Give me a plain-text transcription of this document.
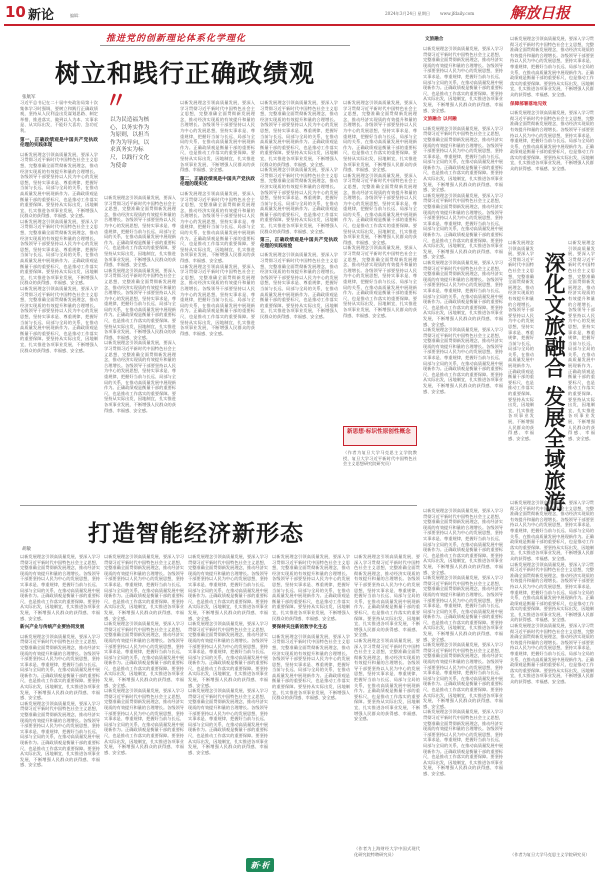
10 新论	编辑：	2024年3月24日 星期日 www.jfdaily.com 解放日报
推进党的创新理论体系化学理化
树立和践行正确政绩观
张航军	〃
以为民造福为核心，以务实作为为原则，以担当作为为导向，以求真务实为标尺，以践行文化为使命
习近平总书记在二十届中央政治局第十次集体学习时强调，要树立和践行正确政绩观，坚持从人民利益出发谋划思路、制定举措、推进落实，做到以人为本、实事求是、从实际出发，不能好大喜功、急功近利。
第一，正确政绩观是中国共产党执政伦理的实践体现
以新发展理念引领高质量发展，要深入学习贯彻习近平新时代中国特色社会主义思想，完整准确全面贯彻新发展理念，推动经济实现质的有效提升和量的合理增长。各级领导干部要坚持以人民为中心的发展思想，坚持实事求是、尊重规律，把握好当前与长远、局部与全局的关系，在推动高质量发展中展现新作为。正确政绩观是衡量干部的重要标尺，也是推动工作落实的重要保障。要坚持从实际出发，因地制宜，扎实推进各项事业发展，不断增强人民群众的获得感、幸福感、安全感。
以新发展理念引领高质量发展，要深入学习贯彻习近平新时代中国特色社会主义思想，完整准确全面贯彻新发展理念，推动经济实现质的有效提升和量的合理增长。各级领导干部要坚持以人民为中心的发展思想，坚持实事求是、尊重规律，把握好当前与长远、局部与全局的关系，在推动高质量发展中展现新作为。正确政绩观是衡量干部的重要标尺，也是推动工作落实的重要保障。要坚持从实际出发，因地制宜，扎实推进各项事业发展，不断增强人民群众的获得感、幸福感、安全感。
以新发展理念引领高质量发展，要深入学习贯彻习近平新时代中国特色社会主义思想，完整准确全面贯彻新发展理念，推动经济实现质的有效提升和量的合理增长。各级领导干部要坚持以人民为中心的发展思想，坚持实事求是、尊重规律，把握好当前与长远、局部与全局的关系，在推动高质量发展中展现新作为。正确政绩观是衡量干部的重要标尺，也是推动工作落实的重要保障。要坚持从实际出发，因地制宜，扎实推进各项事业发展，不断增强人民群众的获得感、幸福感、安全感。
以新发展理念引领高质量发展，要深入学习贯彻习近平新时代中国特色社会主义思想，完整准确全面贯彻新发展理念，推动经济实现质的有效提升和量的合理增长。各级领导干部要坚持以人民为中心的发展思想，坚持实事求是、尊重规律，把握好当前与长远、局部与全局的关系，在推动高质量发展中展现新作为。正确政绩观是衡量干部的重要标尺，也是推动工作落实的重要保障。要坚持从实际出发，因地制宜，扎实推进各项事业发展，不断增强人民群众的获得感、幸福感、安全感。
以新发展理念引领高质量发展，要深入学习贯彻习近平新时代中国特色社会主义思想，完整准确全面贯彻新发展理念，推动经济实现质的有效提升和量的合理增长。各级领导干部要坚持以人民为中心的发展思想，坚持实事求是、尊重规律，把握好当前与长远、局部与全局的关系，在推动高质量发展中展现新作为。正确政绩观是衡量干部的重要标尺，也是推动工作落实的重要保障。要坚持从实际出发，因地制宜，扎实推进各项事业发展，不断增强人民群众的获得感、幸福感、安全感。
以新发展理念引领高质量发展，要深入学习贯彻习近平新时代中国特色社会主义思想，完整准确全面贯彻新发展理念，推动经济实现质的有效提升和量的合理增长。各级领导干部要坚持以人民为中心的发展思想，坚持实事求是、尊重规律，把握好当前与长远、局部与全局的关系，在推动高质量发展中展现新作为。正确政绩观是衡量干部的重要标尺，也是推动工作落实的重要保障。要坚持从实际出发，因地制宜，扎实推进各项事业发展，不断增强人民群众的获得感、幸福感、安全感。
以新发展理念引领高质量发展，要深入学习贯彻习近平新时代中国特色社会主义思想，完整准确全面贯彻新发展理念，推动经济实现质的有效提升和量的合理增长。各级领导干部要坚持以人民为中心的发展思想，坚持实事求是、尊重规律，把握好当前与长远、局部与全局的关系，在推动高质量发展中展现新作为。正确政绩观是衡量干部的重要标尺，也是推动工作落实的重要保障。要坚持从实际出发，因地制宜，扎实推进各项事业发展，不断增强人民群众的获得感、幸福感、安全感。
第二，正确政绩观是中国共产党执政伦理的现实化
以新发展理念引领高质量发展，要深入学习贯彻习近平新时代中国特色社会主义思想，完整准确全面贯彻新发展理念，推动经济实现质的有效提升和量的合理增长。各级领导干部要坚持以人民为中心的发展思想，坚持实事求是、尊重规律，把握好当前与长远、局部与全局的关系，在推动高质量发展中展现新作为。正确政绩观是衡量干部的重要标尺，也是推动工作落实的重要保障。要坚持从实际出发，因地制宜，扎实推进各项事业发展，不断增强人民群众的获得感、幸福感、安全感。
以新发展理念引领高质量发展，要深入学习贯彻习近平新时代中国特色社会主义思想，完整准确全面贯彻新发展理念，推动经济实现质的有效提升和量的合理增长。各级领导干部要坚持以人民为中心的发展思想，坚持实事求是、尊重规律，把握好当前与长远、局部与全局的关系，在推动高质量发展中展现新作为。正确政绩观是衡量干部的重要标尺，也是推动工作落实的重要保障。要坚持从实际出发，因地制宜，扎实推进各项事业发展，不断增强人民群众的获得感、幸福感、安全感。
以新发展理念引领高质量发展，要深入学习贯彻习近平新时代中国特色社会主义思想，完整准确全面贯彻新发展理念，推动经济实现质的有效提升和量的合理增长。各级领导干部要坚持以人民为中心的发展思想，坚持实事求是、尊重规律，把握好当前与长远、局部与全局的关系，在推动高质量发展中展现新作为。正确政绩观是衡量干部的重要标尺，也是推动工作落实的重要保障。要坚持从实际出发，因地制宜，扎实推进各项事业发展，不断增强人民群众的获得感、幸福感、安全感。
以新发展理念引领高质量发展，要深入学习贯彻习近平新时代中国特色社会主义思想，完整准确全面贯彻新发展理念，推动经济实现质的有效提升和量的合理增长。各级领导干部要坚持以人民为中心的发展思想，坚持实事求是、尊重规律，把握好当前与长远、局部与全局的关系，在推动高质量发展中展现新作为。正确政绩观是衡量干部的重要标尺，也是推动工作落实的重要保障。要坚持从实际出发，因地制宜，扎实推进各项事业发展，不断增强人民群众的获得感、幸福感、安全感。
第三，正确政绩观是中国共产党执政伦理的实践检验
以新发展理念引领高质量发展，要深入学习贯彻习近平新时代中国特色社会主义思想，完整准确全面贯彻新发展理念，推动经济实现质的有效提升和量的合理增长。各级领导干部要坚持以人民为中心的发展思想，坚持实事求是、尊重规律，把握好当前与长远、局部与全局的关系，在推动高质量发展中展现新作为。正确政绩观是衡量干部的重要标尺，也是推动工作落实的重要保障。要坚持从实际出发，因地制宜，扎实推进各项事业发展，不断增强人民群众的获得感、幸福感、安全感。
以新发展理念引领高质量发展，要深入学习贯彻习近平新时代中国特色社会主义思想，完整准确全面贯彻新发展理念，推动经济实现质的有效提升和量的合理增长。各级领导干部要坚持以人民为中心的发展思想，坚持实事求是、尊重规律，把握好当前与长远、局部与全局的关系，在推动高质量发展中展现新作为。正确政绩观是衡量干部的重要标尺，也是推动工作落实的重要保障。要坚持从实际出发，因地制宜，扎实推进各项事业发展，不断增强人民群众的获得感、幸福感、安全感。
以新发展理念引领高质量发展，要深入学习贯彻习近平新时代中国特色社会主义思想，完整准确全面贯彻新发展理念，推动经济实现质的有效提升和量的合理增长。各级领导干部要坚持以人民为中心的发展思想，坚持实事求是、尊重规律，把握好当前与长远、局部与全局的关系，在推动高质量发展中展现新作为。正确政绩观是衡量干部的重要标尺，也是推动工作落实的重要保障。要坚持从实际出发，因地制宜，扎实推进各项事业发展，不断增强人民群众的获得感、幸福感、安全感。
以新发展理念引领高质量发展，要深入学习贯彻习近平新时代中国特色社会主义思想，完整准确全面贯彻新发展理念，推动经济实现质的有效提升和量的合理增长。各级领导干部要坚持以人民为中心的发展思想，坚持实事求是、尊重规律，把握好当前与长远、局部与全局的关系，在推动高质量发展中展现新作为。正确政绩观是衡量干部的重要标尺，也是推动工作落实的重要保障。要坚持从实际出发，因地制宜，扎实推进各项事业发展，不断增强人民群众的获得感、幸福感、安全感。
新思想·标识性原创性概念
（作者为复旦大学马克思主义学院教授，复旦大学习近平新时代中国特色社会主义思想研究院研究员）
文旅融合
以新发展理念引领高质量发展，要深入学习贯彻习近平新时代中国特色社会主义思想，完整准确全面贯彻新发展理念，推动经济实现质的有效提升和量的合理增长。各级领导干部要坚持以人民为中心的发展思想，坚持实事求是、尊重规律，把握好当前与长远、局部与全局的关系，在推动高质量发展中展现新作为。正确政绩观是衡量干部的重要标尺，也是推动工作落实的重要保障。要坚持从实际出发，因地制宜，扎实推进各项事业发展，不断增强人民群众的获得感、幸福感、安全感。
文旅融合 以何融
以新发展理念引领高质量发展，要深入学习贯彻习近平新时代中国特色社会主义思想，完整准确全面贯彻新发展理念，推动经济实现质的有效提升和量的合理增长。各级领导干部要坚持以人民为中心的发展思想，坚持实事求是、尊重规律，把握好当前与长远、局部与全局的关系，在推动高质量发展中展现新作为。正确政绩观是衡量干部的重要标尺，也是推动工作落实的重要保障。要坚持从实际出发，因地制宜，扎实推进各项事业发展，不断增强人民群众的获得感、幸福感、安全感。
以新发展理念引领高质量发展，要深入学习贯彻习近平新时代中国特色社会主义思想，完整准确全面贯彻新发展理念，推动经济实现质的有效提升和量的合理增长。各级领导干部要坚持以人民为中心的发展思想，坚持实事求是、尊重规律，把握好当前与长远、局部与全局的关系，在推动高质量发展中展现新作为。正确政绩观是衡量干部的重要标尺，也是推动工作落实的重要保障。要坚持从实际出发，因地制宜，扎实推进各项事业发展，不断增强人民群众的获得感、幸福感、安全感。
以新发展理念引领高质量发展，要深入学习贯彻习近平新时代中国特色社会主义思想，完整准确全面贯彻新发展理念，推动经济实现质的有效提升和量的合理增长。各级领导干部要坚持以人民为中心的发展思想，坚持实事求是、尊重规律，把握好当前与长远、局部与全局的关系，在推动高质量发展中展现新作为。正确政绩观是衡量干部的重要标尺，也是推动工作落实的重要保障。要坚持从实际出发，因地制宜，扎实推进各项事业发展，不断增强人民群众的获得感、幸福感、安全感。
以新发展理念引领高质量发展，要深入学习贯彻习近平新时代中国特色社会主义思想，完整准确全面贯彻新发展理念，推动经济实现质的有效提升和量的合理增长。各级领导干部要坚持以人民为中心的发展思想，坚持实事求是、尊重规律，把握好当前与长远、局部与全局的关系，在推动高质量发展中展现新作为。正确政绩观是衡量干部的重要标尺，也是推动工作落实的重要保障。要坚持从实际出发，因地制宜，扎实推进各项事业发展，不断增强人民群众的获得感、幸福感、安全感。
以新发展理念引领高质量发展，要深入学习贯彻习近平新时代中国特色社会主义思想，完整准确全面贯彻新发展理念，推动经济实现质的有效提升和量的合理增长。各级领导干部要坚持以人民为中心的发展思想，坚持实事求是、尊重规律，把握好当前与长远、局部与全局的关系，在推动高质量发展中展现新作为。正确政绩观是衡量干部的重要标尺，也是推动工作落实的重要保障。要坚持从实际出发，因地制宜，扎实推进各项事业发展，不断增强人民群众的获得感、幸福感、安全感。
保障部署落地见效
以新发展理念引领高质量发展，要深入学习贯彻习近平新时代中国特色社会主义思想，完整准确全面贯彻新发展理念，推动经济实现质的有效提升和量的合理增长。各级领导干部要坚持以人民为中心的发展思想，坚持实事求是、尊重规律，把握好当前与长远、局部与全局的关系，在推动高质量发展中展现新作为。正确政绩观是衡量干部的重要标尺，也是推动工作落实的重要保障。要坚持从实际出发，因地制宜，扎实推进各项事业发展，不断增强人民群众的获得感、幸福感、安全感。
深化文旅融合 发展全域旅游
以新发展理念引领高质量发展，要深入学习贯彻习近平新时代中国特色社会主义思想，完整准确全面贯彻新发展理念，推动经济实现质的有效提升和量的合理增长。各级领导干部要坚持以人民为中心的发展思想，坚持实事求是、尊重规律，把握好当前与长远、局部与全局的关系，在推动高质量发展中展现新作为。正确政绩观是衡量干部的重要标尺，也是推动工作落实的重要保障。要坚持从实际出发，因地制宜，扎实推进各项事业发展，不断增强人民群众的获得感、幸福感、安全感。
以新发展理念引领高质量发展，要深入学习贯彻习近平新时代中国特色社会主义思想，完整准确全面贯彻新发展理念，推动经济实现质的有效提升和量的合理增长。各级领导干部要坚持以人民为中心的发展思想，坚持实事求是、尊重规律，把握好当前与长远、局部与全局的关系，在推动高质量发展中展现新作为。正确政绩观是衡量干部的重要标尺，也是推动工作落实的重要保障。要坚持从实际出发，因地制宜，扎实推进各项事业发展，不断增强人民群众的获得感、幸福感、安全感。
打造智能经济新形态
胡敏
以新发展理念引领高质量发展，要深入学习贯彻习近平新时代中国特色社会主义思想，完整准确全面贯彻新发展理念，推动经济实现质的有效提升和量的合理增长。各级领导干部要坚持以人民为中心的发展思想，坚持实事求是、尊重规律，把握好当前与长远、局部与全局的关系，在推动高质量发展中展现新作为。正确政绩观是衡量干部的重要标尺，也是推动工作落实的重要保障。要坚持从实际出发，因地制宜，扎实推进各项事业发展，不断增强人民群众的获得感、幸福感、安全感。
新兴产业与传统产业要协同发展
以新发展理念引领高质量发展，要深入学习贯彻习近平新时代中国特色社会主义思想，完整准确全面贯彻新发展理念，推动经济实现质的有效提升和量的合理增长。各级领导干部要坚持以人民为中心的发展思想，坚持实事求是、尊重规律，把握好当前与长远、局部与全局的关系，在推动高质量发展中展现新作为。正确政绩观是衡量干部的重要标尺，也是推动工作落实的重要保障。要坚持从实际出发，因地制宜，扎实推进各项事业发展，不断增强人民群众的获得感、幸福感、安全感。
以新发展理念引领高质量发展，要深入学习贯彻习近平新时代中国特色社会主义思想，完整准确全面贯彻新发展理念，推动经济实现质的有效提升和量的合理增长。各级领导干部要坚持以人民为中心的发展思想，坚持实事求是、尊重规律，把握好当前与长远、局部与全局的关系，在推动高质量发展中展现新作为。正确政绩观是衡量干部的重要标尺，也是推动工作落实的重要保障。要坚持从实际出发，因地制宜，扎实推进各项事业发展，不断增强人民群众的获得感、幸福感、安全感。
以新发展理念引领高质量发展，要深入学习贯彻习近平新时代中国特色社会主义思想，完整准确全面贯彻新发展理念，推动经济实现质的有效提升和量的合理增长。各级领导干部要坚持以人民为中心的发展思想，坚持实事求是、尊重规律，把握好当前与长远、局部与全局的关系，在推动高质量发展中展现新作为。正确政绩观是衡量干部的重要标尺，也是推动工作落实的重要保障。要坚持从实际出发，因地制宜，扎实推进各项事业发展，不断增强人民群众的获得感、幸福感、安全感。
以新发展理念引领高质量发展，要深入学习贯彻习近平新时代中国特色社会主义思想，完整准确全面贯彻新发展理念，推动经济实现质的有效提升和量的合理增长。各级领导干部要坚持以人民为中心的发展思想，坚持实事求是、尊重规律，把握好当前与长远、局部与全局的关系，在推动高质量发展中展现新作为。正确政绩观是衡量干部的重要标尺，也是推动工作落实的重要保障。要坚持从实际出发，因地制宜，扎实推进各项事业发展，不断增强人民群众的获得感、幸福感、安全感。
以新发展理念引领高质量发展，要深入学习贯彻习近平新时代中国特色社会主义思想，完整准确全面贯彻新发展理念，推动经济实现质的有效提升和量的合理增长。各级领导干部要坚持以人民为中心的发展思想，坚持实事求是、尊重规律，把握好当前与长远、局部与全局的关系，在推动高质量发展中展现新作为。正确政绩观是衡量干部的重要标尺，也是推动工作落实的重要保障。要坚持从实际出发，因地制宜，扎实推进各项事业发展，不断增强人民群众的获得感、幸福感、安全感。
以新发展理念引领高质量发展，要深入学习贯彻习近平新时代中国特色社会主义思想，完整准确全面贯彻新发展理念，推动经济实现质的有效提升和量的合理增长。各级领导干部要坚持以人民为中心的发展思想，坚持实事求是、尊重规律，把握好当前与长远、局部与全局的关系，在推动高质量发展中展现新作为。正确政绩观是衡量干部的重要标尺，也是推动工作落实的重要保障。要坚持从实际出发，因地制宜，扎实推进各项事业发展，不断增强人民群众的获得感、幸福感、安全感。
以新发展理念引领高质量发展，要深入学习贯彻习近平新时代中国特色社会主义思想，完整准确全面贯彻新发展理念，推动经济实现质的有效提升和量的合理增长。各级领导干部要坚持以人民为中心的发展思想，坚持实事求是、尊重规律，把握好当前与长远、局部与全局的关系，在推动高质量发展中展现新作为。正确政绩观是衡量干部的重要标尺，也是推动工作落实的重要保障。要坚持从实际出发，因地制宜，扎实推进各项事业发展，不断增强人民群众的获得感、幸福感、安全感。
以新发展理念引领高质量发展，要深入学习贯彻习近平新时代中国特色社会主义思想，完整准确全面贯彻新发展理念，推动经济实现质的有效提升和量的合理增长。各级领导干部要坚持以人民为中心的发展思想，坚持实事求是、尊重规律，把握好当前与长远、局部与全局的关系，在推动高质量发展中展现新作为。正确政绩观是衡量干部的重要标尺，也是推动工作落实的重要保障。要坚持从实际出发，因地制宜，扎实推进各项事业发展，不断增强人民群众的获得感、幸福感、安全感。
以新发展理念引领高质量发展，要深入学习贯彻习近平新时代中国特色社会主义思想，完整准确全面贯彻新发展理念，推动经济实现质的有效提升和量的合理增长。各级领导干部要坚持以人民为中心的发展思想，坚持实事求是、尊重规律，把握好当前与长远、局部与全局的关系，在推动高质量发展中展现新作为。正确政绩观是衡量干部的重要标尺，也是推动工作落实的重要保障。要坚持从实际出发，因地制宜，扎实推进各项事业发展，不断增强人民群众的获得感、幸福感、安全感。
要保持关注新的数字化生态
以新发展理念引领高质量发展，要深入学习贯彻习近平新时代中国特色社会主义思想，完整准确全面贯彻新发展理念，推动经济实现质的有效提升和量的合理增长。各级领导干部要坚持以人民为中心的发展思想，坚持实事求是、尊重规律，把握好当前与长远、局部与全局的关系，在推动高质量发展中展现新作为。正确政绩观是衡量干部的重要标尺，也是推动工作落实的重要保障。要坚持从实际出发，因地制宜，扎实推进各项事业发展，不断增强人民群众的获得感、幸福感、安全感。
以新发展理念引领高质量发展，要深入学习贯彻习近平新时代中国特色社会主义思想，完整准确全面贯彻新发展理念，推动经济实现质的有效提升和量的合理增长。各级领导干部要坚持以人民为中心的发展思想，坚持实事求是、尊重规律，把握好当前与长远、局部与全局的关系，在推动高质量发展中展现新作为。正确政绩观是衡量干部的重要标尺，也是推动工作落实的重要保障。要坚持从实际出发，因地制宜，扎实推进各项事业发展，不断增强人民群众的获得感、幸福感、安全感。
以新发展理念引领高质量发展，要深入学习贯彻习近平新时代中国特色社会主义思想，完整准确全面贯彻新发展理念，推动经济实现质的有效提升和量的合理增长。各级领导干部要坚持以人民为中心的发展思想，坚持实事求是、尊重规律，把握好当前与长远、局部与全局的关系，在推动高质量发展中展现新作为。正确政绩观是衡量干部的重要标尺，也是推动工作落实的重要保障。要坚持从实际出发，因地制宜，扎实推进各项事业发展，不断增强人民群众的获得感、幸福感、安全感。
（作者为上海财经大学中国式现代化研究院特聘研究员）
以新发展理念引领高质量发展，要深入学习贯彻习近平新时代中国特色社会主义思想，完整准确全面贯彻新发展理念，推动经济实现质的有效提升和量的合理增长。各级领导干部要坚持以人民为中心的发展思想，坚持实事求是、尊重规律，把握好当前与长远、局部与全局的关系，在推动高质量发展中展现新作为。正确政绩观是衡量干部的重要标尺，也是推动工作落实的重要保障。要坚持从实际出发，因地制宜，扎实推进各项事业发展，不断增强人民群众的获得感、幸福感、安全感。
以新发展理念引领高质量发展，要深入学习贯彻习近平新时代中国特色社会主义思想，完整准确全面贯彻新发展理念，推动经济实现质的有效提升和量的合理增长。各级领导干部要坚持以人民为中心的发展思想，坚持实事求是、尊重规律，把握好当前与长远、局部与全局的关系，在推动高质量发展中展现新作为。正确政绩观是衡量干部的重要标尺，也是推动工作落实的重要保障。要坚持从实际出发，因地制宜，扎实推进各项事业发展，不断增强人民群众的获得感、幸福感、安全感。
以新发展理念引领高质量发展，要深入学习贯彻习近平新时代中国特色社会主义思想，完整准确全面贯彻新发展理念，推动经济实现质的有效提升和量的合理增长。各级领导干部要坚持以人民为中心的发展思想，坚持实事求是、尊重规律，把握好当前与长远、局部与全局的关系，在推动高质量发展中展现新作为。正确政绩观是衡量干部的重要标尺，也是推动工作落实的重要保障。要坚持从实际出发，因地制宜，扎实推进各项事业发展，不断增强人民群众的获得感、幸福感、安全感。
以新发展理念引领高质量发展，要深入学习贯彻习近平新时代中国特色社会主义思想，完整准确全面贯彻新发展理念，推动经济实现质的有效提升和量的合理增长。各级领导干部要坚持以人民为中心的发展思想，坚持实事求是、尊重规律，把握好当前与长远、局部与全局的关系，在推动高质量发展中展现新作为。正确政绩观是衡量干部的重要标尺，也是推动工作落实的重要保障。要坚持从实际出发，因地制宜，扎实推进各项事业发展，不断增强人民群众的获得感、幸福感、安全感。
以新发展理念引领高质量发展，要深入学习贯彻习近平新时代中国特色社会主义思想，完整准确全面贯彻新发展理念，推动经济实现质的有效提升和量的合理增长。各级领导干部要坚持以人民为中心的发展思想，坚持实事求是、尊重规律，把握好当前与长远、局部与全局的关系，在推动高质量发展中展现新作为。正确政绩观是衡量干部的重要标尺，也是推动工作落实的重要保障。要坚持从实际出发，因地制宜，扎实推进各项事业发展，不断增强人民群众的获得感、幸福感、安全感。
以新发展理念引领高质量发展，要深入学习贯彻习近平新时代中国特色社会主义思想，完整准确全面贯彻新发展理念，推动经济实现质的有效提升和量的合理增长。各级领导干部要坚持以人民为中心的发展思想，坚持实事求是、尊重规律，把握好当前与长远、局部与全局的关系，在推动高质量发展中展现新作为。正确政绩观是衡量干部的重要标尺，也是推动工作落实的重要保障。要坚持从实际出发，因地制宜，扎实推进各项事业发展，不断增强人民群众的获得感、幸福感、安全感。
以新发展理念引领高质量发展，要深入学习贯彻习近平新时代中国特色社会主义思想，完整准确全面贯彻新发展理念，推动经济实现质的有效提升和量的合理增长。各级领导干部要坚持以人民为中心的发展思想，坚持实事求是、尊重规律，把握好当前与长远、局部与全局的关系，在推动高质量发展中展现新作为。正确政绩观是衡量干部的重要标尺，也是推动工作落实的重要保障。要坚持从实际出发，因地制宜，扎实推进各项事业发展，不断增强人民群众的获得感、幸福感、安全感。
（作者为复旦大学马克思主义学院研究员）
新·析
